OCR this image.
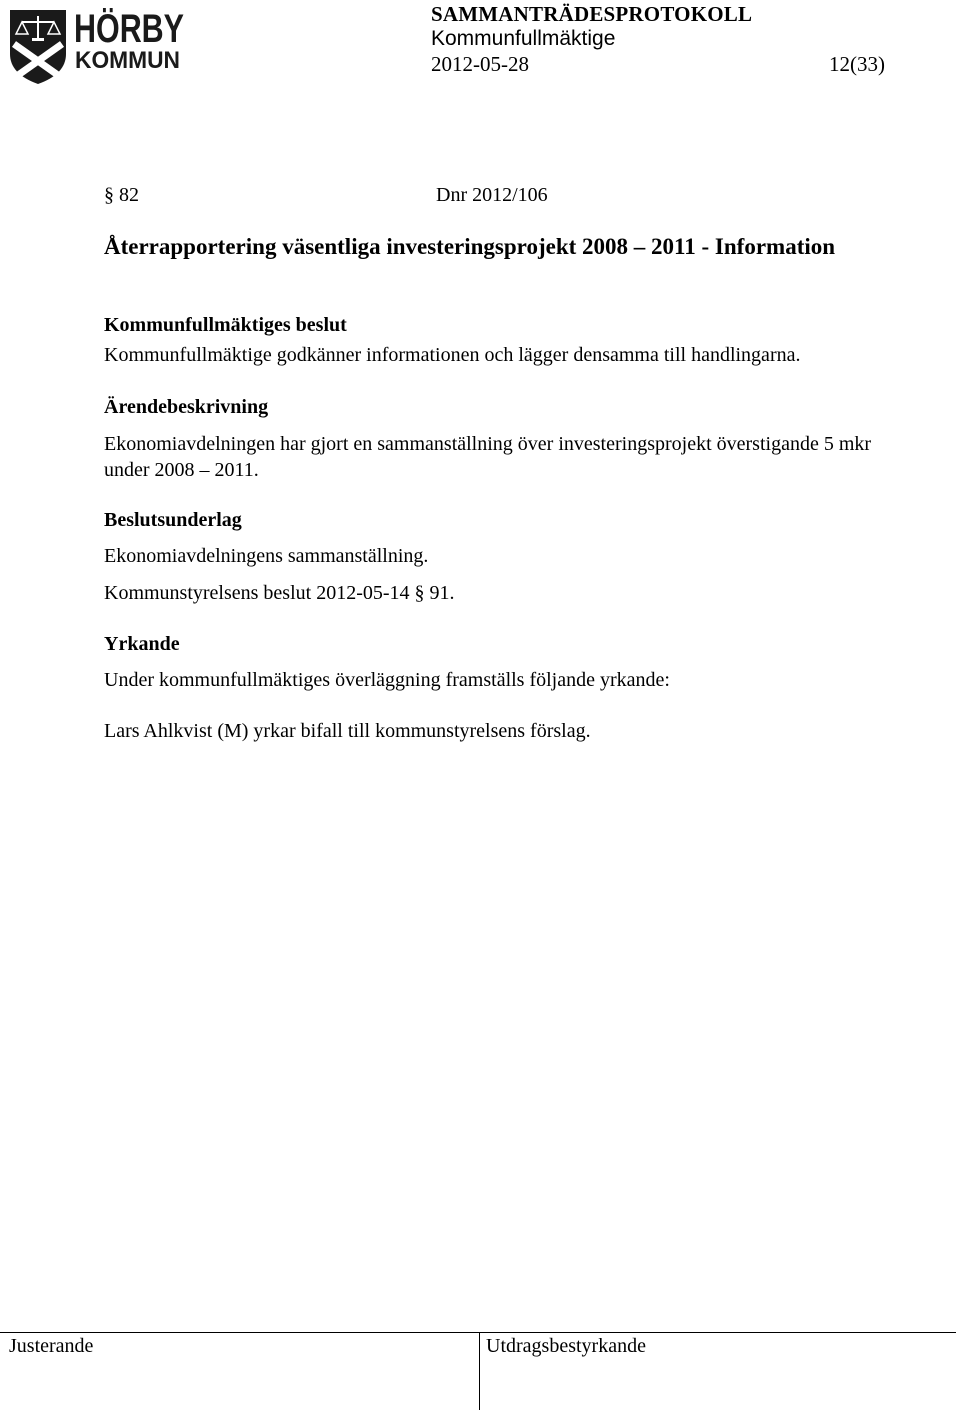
HÖRBY
KOMMUN
SAMMANTRÄDESPROTOKOLL
Kommunfullmäktige
2012-05-28	12(33)
§ 82	Dnr 2012/106
Återrapportering väsentliga investeringsprojekt 2008 – 2011 - Information
Kommunfullmäktiges beslut
Kommunfullmäktige godkänner informationen och lägger densamma till handlingarna.
Ärendebeskrivning
Ekonomiavdelningen har gjort en sammanställning över investeringsprojekt överstigande 5 mkr under 2008 – 2011.
Beslutsunderlag
Ekonomiavdelningens sammanställning.
Kommunstyrelsens beslut 2012-05-14 § 91.
Yrkande
Under kommunfullmäktiges överläggning framställs följande yrkande:
Lars Ahlkvist (M) yrkar bifall till kommunstyrelsens förslag.
Justerande	Utdragsbestyrkande
